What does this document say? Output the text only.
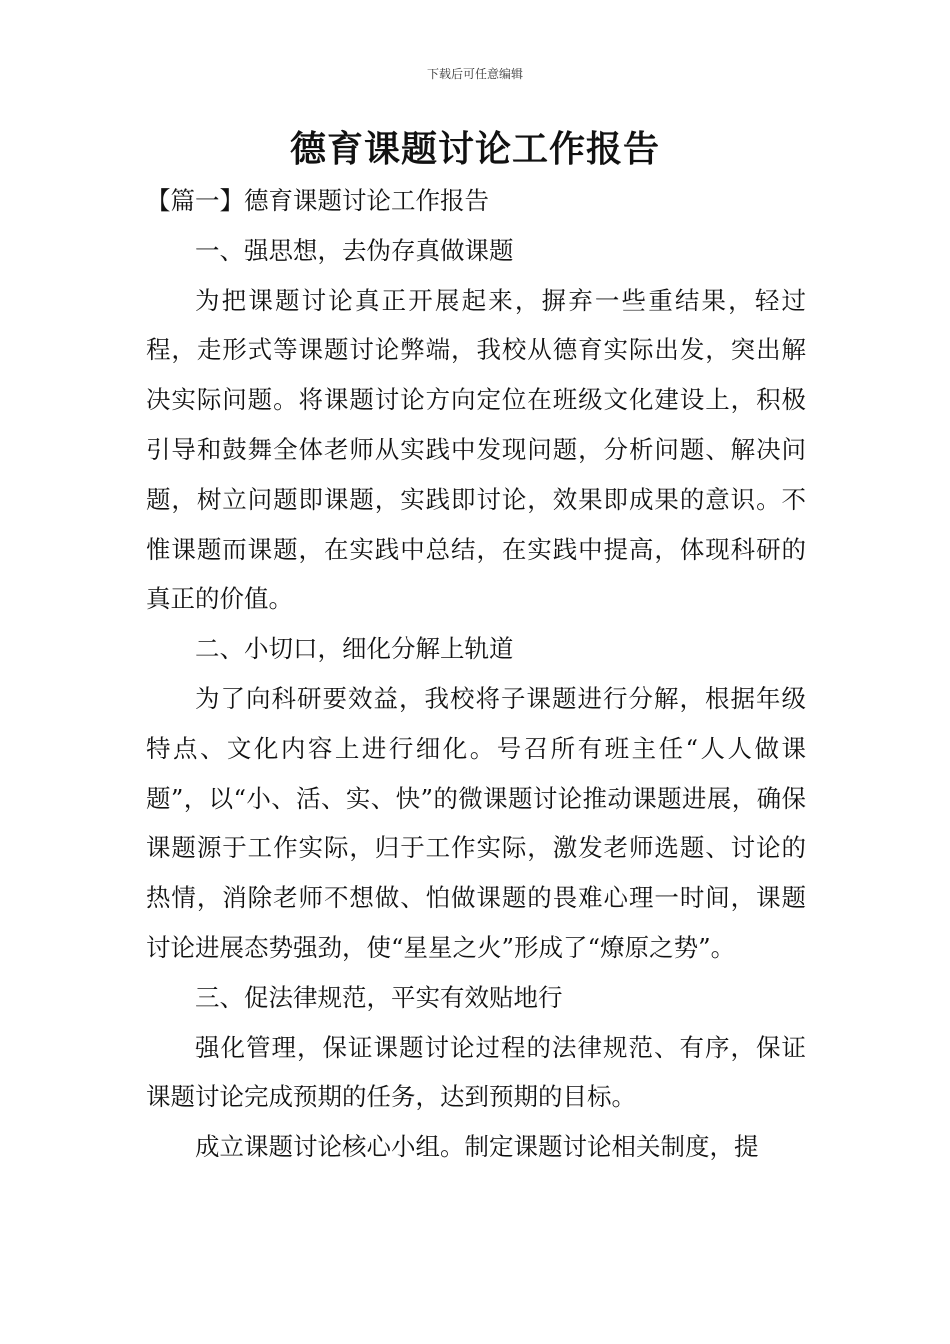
下载后可任意编辑
德育课题讨论工作报告

【篇一】德育课题讨论工作报告

一、强思想，去伪存真做课题

为把课题讨论真正开展起来，摒弃一些重结果，轻过程，走形式等课题讨论弊端，我校从德育实际出发，突出解决实际问题。将课题讨论方向定位在班级文化建设上，积极引导和鼓舞全体老师从实践中发现问题，分析问题、解决问题，树立问题即课题，实践即讨论，效果即成果的意识。不惟课题而课题，在实践中总结，在实践中提高，体现科研的真正的价值。

二、小切口，细化分解上轨道

为了向科研要效益，我校将子课题进行分解，根据年级特点、文化内容上进行细化。号召所有班主任“人人做课题”，以“小、活、实、快”的微课题讨论推动课题进展，确保课题源于工作实际，归于工作实际，激发老师选题、讨论的热情，消除老师不想做、怕做课题的畏难心理一时间，课题讨论进展态势强劲，使“星星之火”形成了“燎原之势”。

三、促法律规范，平实有效贴地行

强化管理，保证课题讨论过程的法律规范、有序，保证课题讨论完成预期的任务，达到预期的目标。

成立课题讨论核心小组。制定课题讨论相关制度，提
